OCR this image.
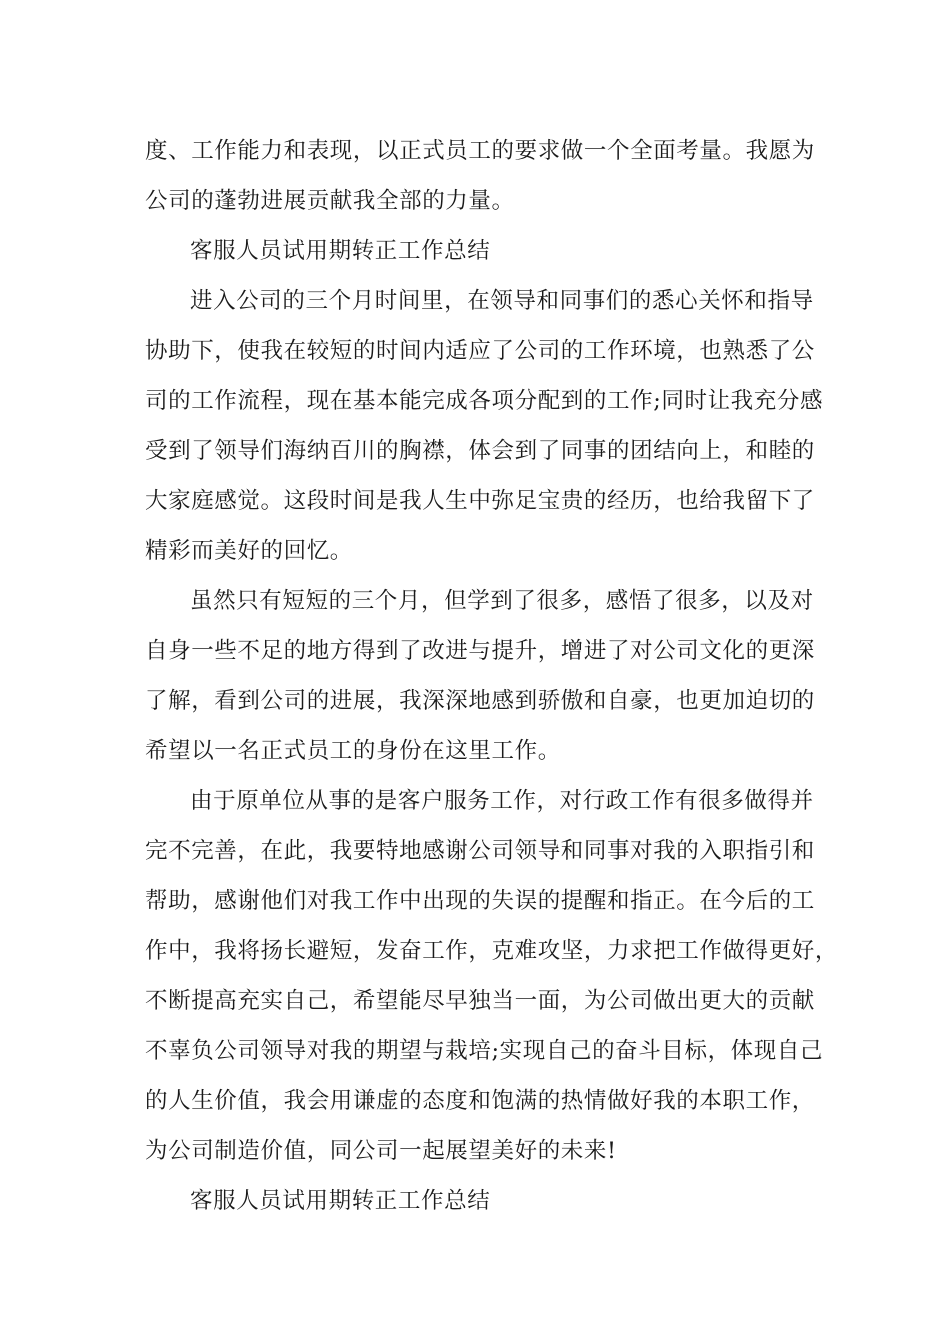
度、工作能力和表现，以正式员工的要求做一个全面考量。我愿为
公司的蓬勃进展贡献我全部的力量。
客服人员试用期转正工作总结
进入公司的三个月时间里，在领导和同事们的悉心关怀和指导
协助下，使我在较短的时间内适应了公司的工作环境，也熟悉了公
司的工作流程，现在基本能完成各项分配到的工作;同时让我充分感
受到了领导们海纳百川的胸襟，体会到了同事的团结向上，和睦的
大家庭感觉。这段时间是我人生中弥足宝贵的经历，也给我留下了
精彩而美好的回忆。
虽然只有短短的三个月，但学到了很多，感悟了很多，以及对
自身一些不足的地方得到了改进与提升，增进了对公司文化的更深
了解，看到公司的进展，我深深地感到骄傲和自豪，也更加迫切的
希望以一名正式员工的身份在这里工作。
由于原单位从事的是客户服务工作，对行政工作有很多做得并
完不完善，在此，我要特地感谢公司领导和同事对我的入职指引和
帮助，感谢他们对我工作中出现的失误的提醒和指正。在今后的工
作中，我将扬长避短，发奋工作，克难攻坚，力求把工作做得更好，
不断提高充实自己，希望能尽早独当一面，为公司做出更大的贡献
不辜负公司领导对我的期望与栽培;实现自己的奋斗目标，体现自己
的人生价值，我会用谦虚的态度和饱满的热情做好我的本职工作，
为公司制造价值，同公司一起展望美好的未来!
客服人员试用期转正工作总结
